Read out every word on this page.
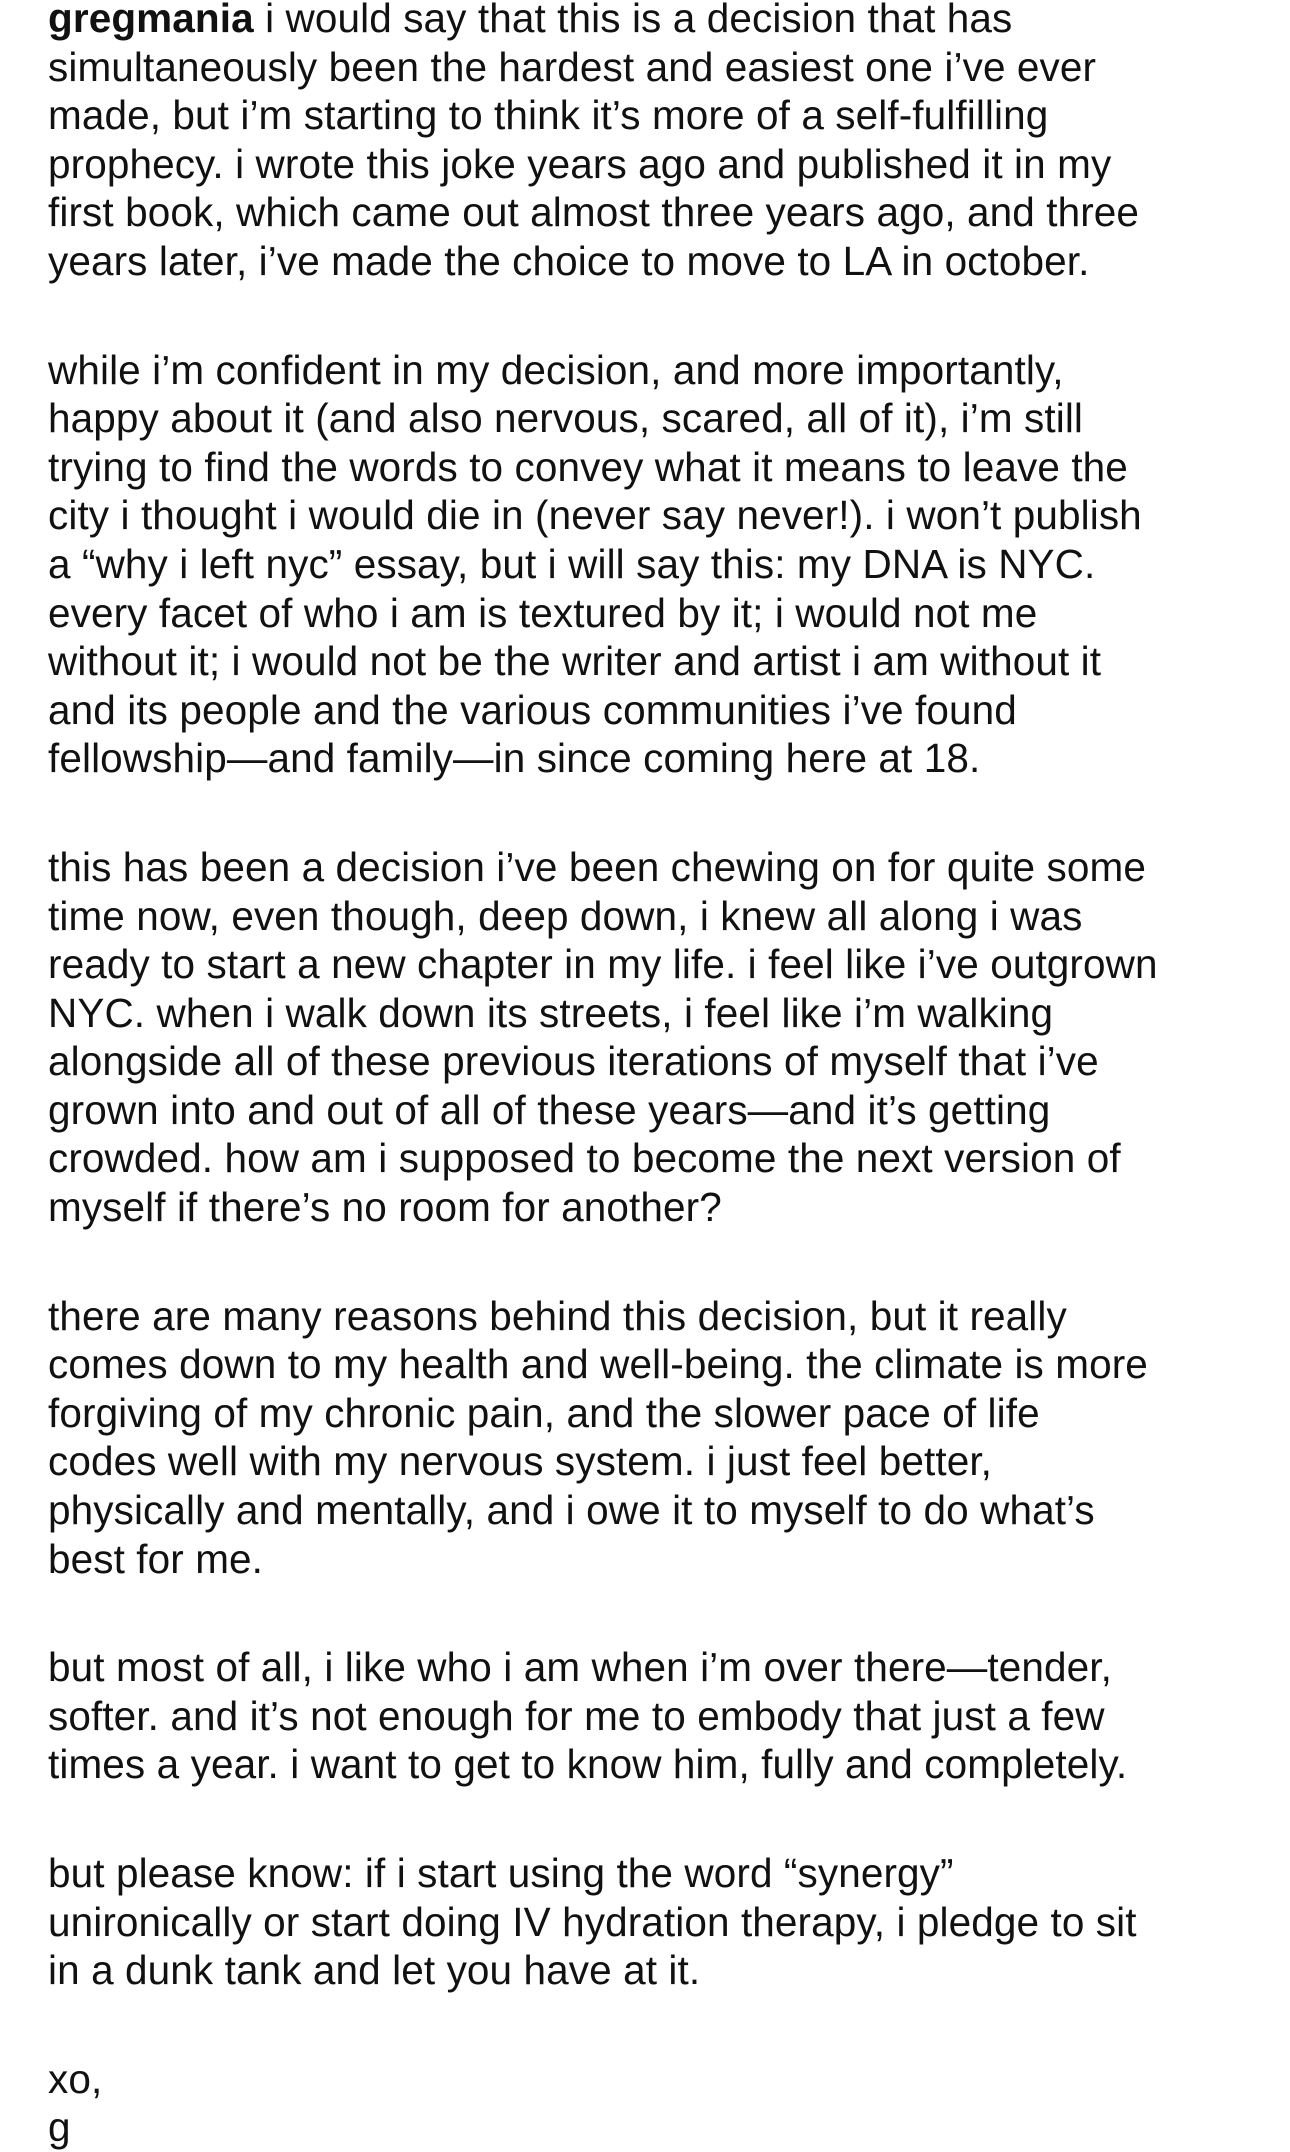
gregmania i would say that this is a decision that has
simultaneously been the hardest and easiest one i’ve ever
made, but i’m starting to think it’s more of a self-fulfilling
prophecy. i wrote this joke years ago and published it in my
first book, which came out almost three years ago, and three
years later, i’ve made the choice to move to LA in october.

while i’m confident in my decision, and more importantly,
happy about it (and also nervous, scared, all of it), i’m still
trying to find the words to convey what it means to leave the
city i thought i would die in (never say never!). i won’t publish
a “why i left nyc” essay, but i will say this: my DNA is NYC.
every facet of who i am is textured by it; i would not me
without it; i would not be the writer and artist i am without it
and its people and the various communities i’ve found
fellowship—and family—in since coming here at 18.

this has been a decision i’ve been chewing on for quite some
time now, even though, deep down, i knew all along i was
ready to start a new chapter in my life. i feel like i’ve outgrown
NYC. when i walk down its streets, i feel like i’m walking
alongside all of these previous iterations of myself that i’ve
grown into and out of all of these years—and it’s getting
crowded. how am i supposed to become the next version of
myself if there’s no room for another?

there are many reasons behind this decision, but it really
comes down to my health and well-being. the climate is more
forgiving of my chronic pain, and the slower pace of life
codes well with my nervous system. i just feel better,
physically and mentally, and i owe it to myself to do what’s
best for me.

but most of all, i like who i am when i’m over there—tender,
softer. and it’s not enough for me to embody that just a few
times a year. i want to get to know him, fully and completely.

but please know: if i start using the word “synergy”
unironically or start doing IV hydration therapy, i pledge to sit
in a dunk tank and let you have at it.

xo,
g
